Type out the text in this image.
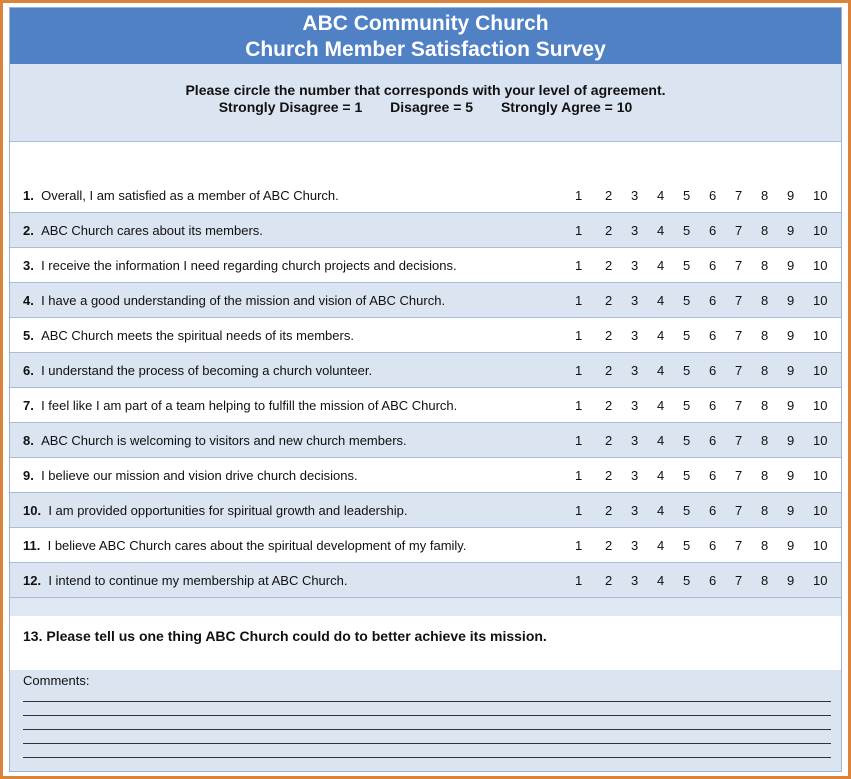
ABC Community Church
Church Member Satisfaction Survey
Please circle the number that corresponds with your level of agreement.
Strongly Disagree = 1 Disagree = 5 Strongly Agree = 10
1. Overall, I am satisfied as a member of ABC Church.	1 2 3 4 5 6 7 8 9 10
2. ABC Church cares about its members.	1 2 3 4 5 6 7 8 9 10
3. I receive the information I need regarding church projects and decisions.	1 2 3 4 5 6 7 8 9 10
4. I have a good understanding of the mission and vision of ABC Church.	1 2 3 4 5 6 7 8 9 10
5. ABC Church meets the spiritual needs of its members.	1 2 3 4 5 6 7 8 9 10
6. I understand the process of becoming a church volunteer.	1 2 3 4 5 6 7 8 9 10
7. I feel like I am part of a team helping to fulfill the mission of ABC Church.	1 2 3 4 5 6 7 8 9 10
8. ABC Church is welcoming to visitors and new church members.	1 2 3 4 5 6 7 8 9 10
9. I believe our mission and vision drive church decisions.	1 2 3 4 5 6 7 8 9 10
10. I am provided opportunities for spiritual growth and leadership.	1 2 3 4 5 6 7 8 9 10
11. I believe ABC Church cares about the spiritual development of my family.	1 2 3 4 5 6 7 8 9 10
12. I intend to continue my membership at ABC Church.	1 2 3 4 5 6 7 8 9 10
13. Please tell us one thing ABC Church could do to better achieve its mission.
Comments:
